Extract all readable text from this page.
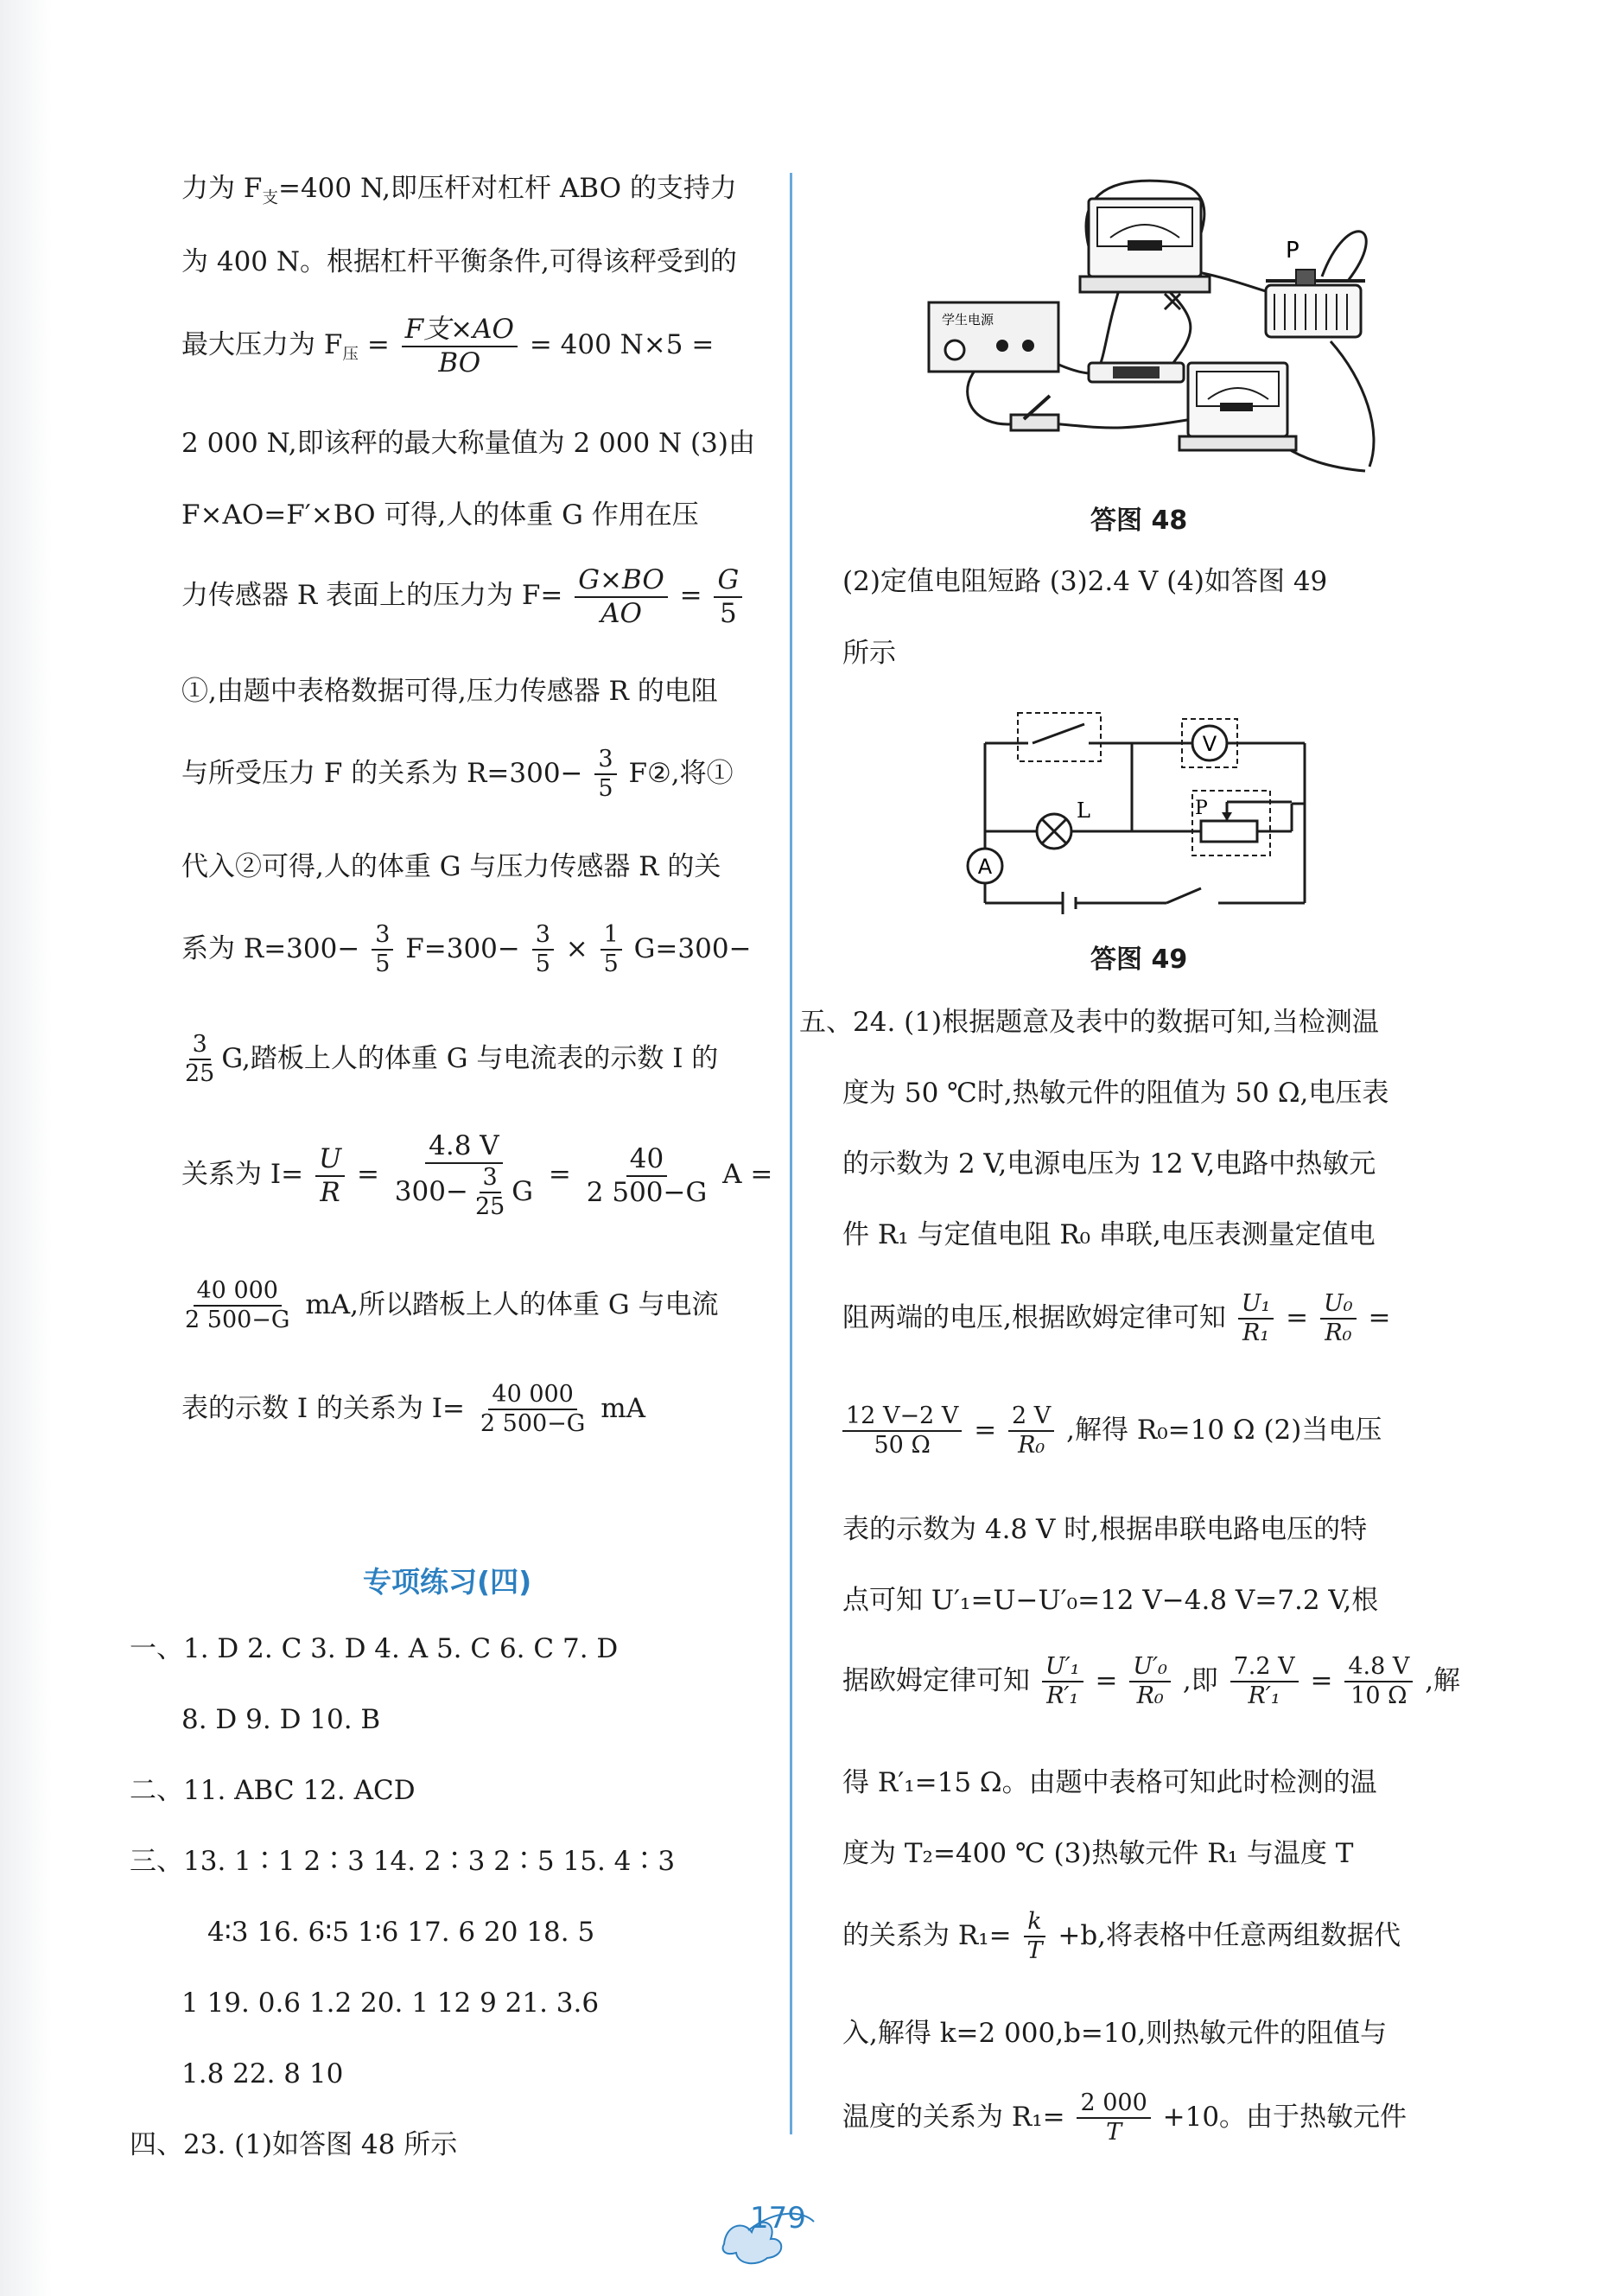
力为 $F_支=400$ N,即压杆对杠杆 ABO 的支持力
为 400 N。根据杠杆平衡条件,可得该秤受到的
最大压力为 $F_压 = \frac{\text{F支×AO}}{BO} = 400$ N×5 =
2 000 N,即该秤的最大称量值为 2 000 N (3)由
F×AO=F′×BO 可得,人的体重 G 作用在压
力传感器 R 表面上的压力为 $F= \frac{G\times BO}{AO} = \frac{G}{5}$
①,由题中表格数据可得,压力传感器 R 的电阻
与所受压力 F 的关系为 $R=300- \frac{3}{5}$ F②,将①
代入②可得,人的体重 G 与压力传感器 R 的关
系为 $R=300- \frac{3}{5} F=300- \frac{3}{5} \times \frac{1}{5} G=300-$
$\frac{3}{25} G$,踏板上人的体重 G 与电流表的示数 I 的
关系为 $I= \frac{U}{R} = \frac{4.8 V}{300- \frac{3}{25} G} = \frac{40}{2 500-G}$ A =
$\frac{40 000}{2 500-G}$ mA,所以踏板上人的体重 G 与电流
表的示数 I 的关系为 $I= \frac{40 000}{2 500-G}$ mA
一、1. D 2. C 3. D 4. A 5. C 6. C 7. D
8. D 9. D 10. B
二、11. ABC 12. ACD
三、13. 1∶1 2∶3 14. 2∶3 2∶5 15. 4∶3
4∶3 16. 6∶5 1∶6 17. 6 20 18. 5
1 19. 0.6 1.2 20. 1 12 9 21. 3.6
1.8 22. 8 10
四、23. (1)如答图 48 所示
专项练习(四)
P
学生电源
答图 48
(2)定值电阻短路 (3)2.4 V (4)如答图 49
所示
V
A
L	P
答图 49
五、24. (1)根据题意及表中的数据可知,当检测温
度为 50 ℃时,热敏元件的阻值为 50 Ω,电压表
的示数为 2 V,电源电压为 12 V,电路中热敏元
件 R₁ 与定值电阻 R₀ 串联,电压表测量定值电
阻两端的电压,根据欧姆定律可知 $\frac{\text{U₁}}{\text{R₁}} = \frac{\text{U₀}}{\text{R₀}}$ =
$\frac{12 V-2 V}{50 \Omega} = \frac{2 V}{\text{R₀}}$ ,解得 R₀=10 Ω (2)当电压
表的示数为 4.8 V 时,根据串联电路电压的特
点可知 U′₁=U−U′₀=12 V−4.8 V=7.2 V,根
据欧姆定律可知 $\frac{\text{U′₁}}{\text{R′₁}} = \frac{\text{U′₀}}{\text{R₀}}$ ,即 $\frac{7.2 V}{\text{R′₁}} = \frac{4.8 V}{10 \Omega}$ ,解
得 R′₁=15 Ω。由题中表格可知此时检测的温
度为 T₂=400 ℃ (3)热敏元件 R₁ 与温度 T
的关系为 $R_1= \frac{k}{T} +b$,将表格中任意两组数据代
入,解得 k=2 000,b=10,则热敏元件的阻值与
温度的关系为 $R_1= \frac{2 000}{T} +10$。由于热敏元件
179
